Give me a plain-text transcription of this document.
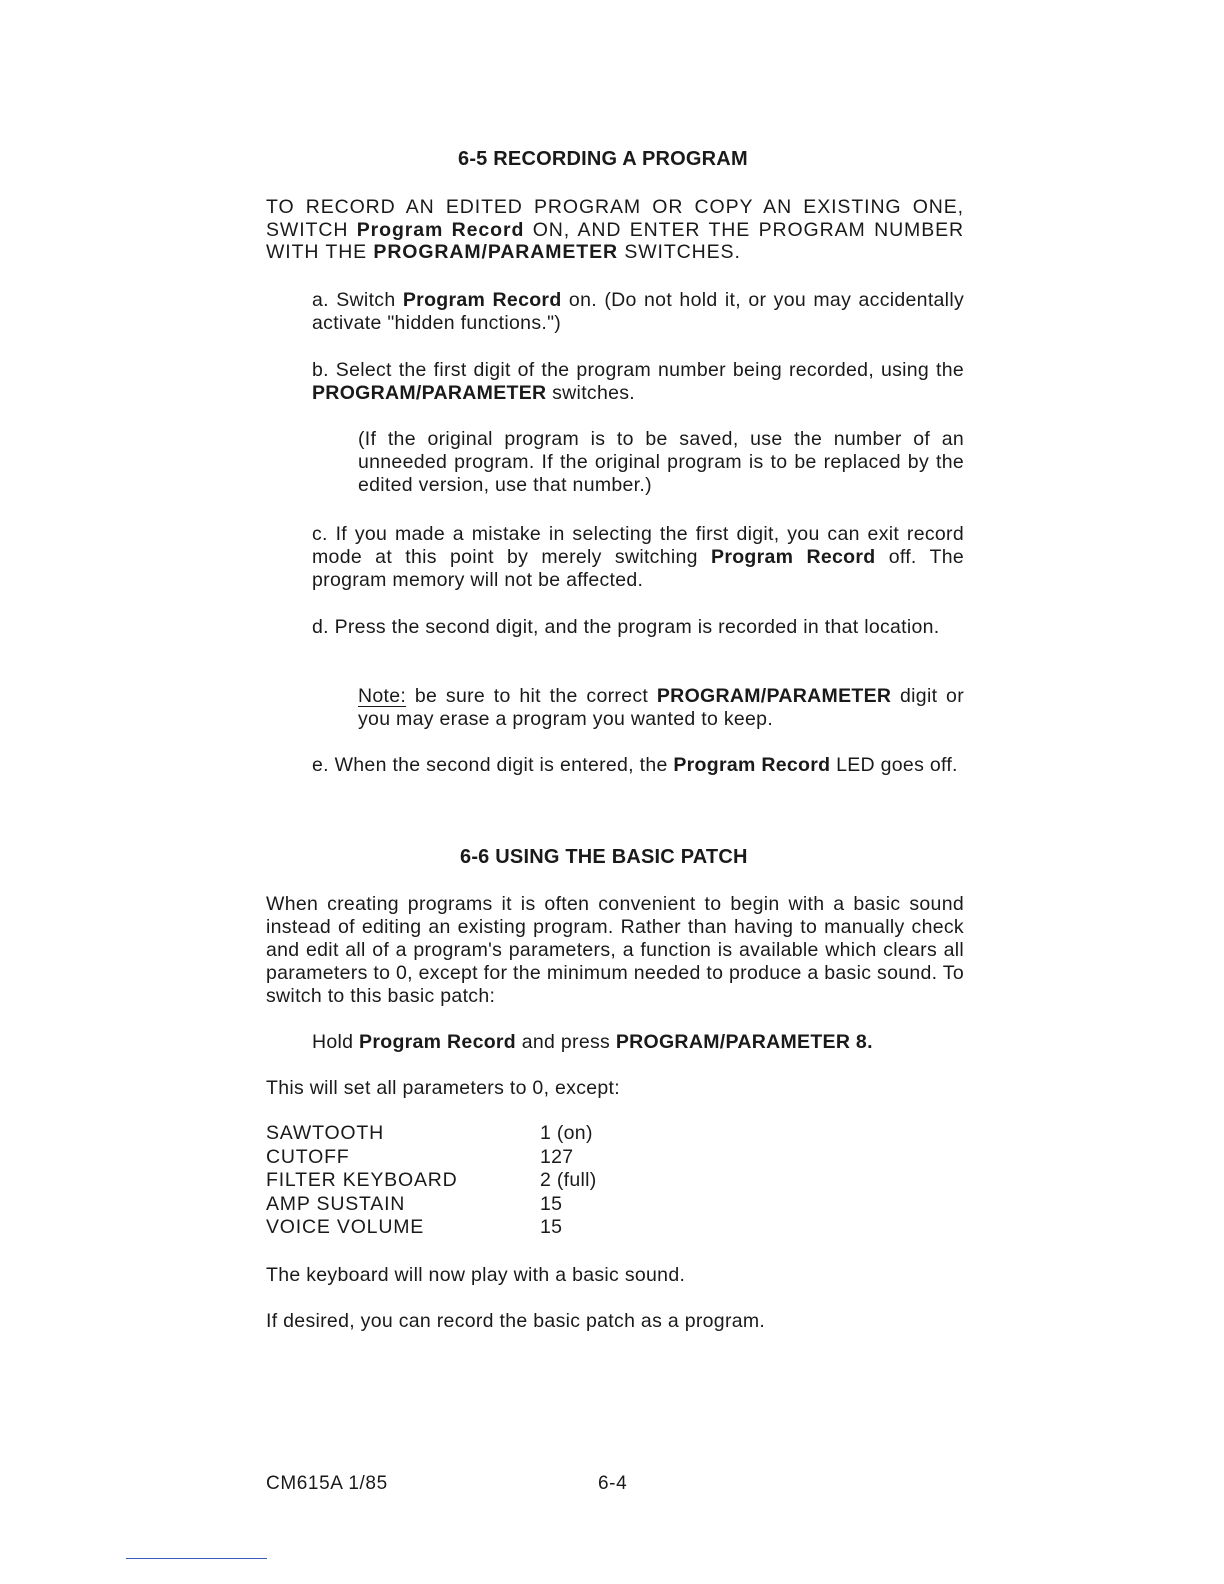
6-5 RECORDING A PROGRAM
TO RECORD AN EDITED PROGRAM OR COPY AN EXISTING ONE, SWITCH Program Record ON, AND ENTER THE PROGRAM NUMBER WITH THE PROGRAM/PARAMETER SWITCHES.
a. Switch Program Record on. (Do not hold it, or you may accidentally activate "hidden functions.")
b. Select the first digit of the program number being recorded, using the PROGRAM/PARAMETER switches.
(If the original program is to be saved, use the number of an unneeded program. If the original program is to be replaced by the edited version, use that number.)
c. If you made a mistake in selecting the first digit, you can exit record mode at this point by merely switching Program Record off. The program memory will not be affected.
d. Press the second digit, and the program is recorded in that location.
Note: be sure to hit the correct PROGRAM/PARAMETER digit or you may erase a program you wanted to keep.
e. When the second digit is entered, the Program Record LED goes off.
6-6 USING THE BASIC PATCH
When creating programs it is often convenient to begin with a basic sound instead of editing an existing program. Rather than having to manually check and edit all of a program's parameters, a function is available which clears all parameters to 0, except for the minimum needed to produce a basic sound. To switch to this basic patch:
Hold Program Record and press PROGRAM/PARAMETER 8.
This will set all parameters to 0, except:
SAWTOOTH	1 (on)
CUTOFF	127
FILTER KEYBOARD	2 (full)
AMP SUSTAIN	15
VOICE VOLUME	15
The keyboard will now play with a basic sound.
If desired, you can record the basic patch as a program.
CM615A 1/85	6-4
